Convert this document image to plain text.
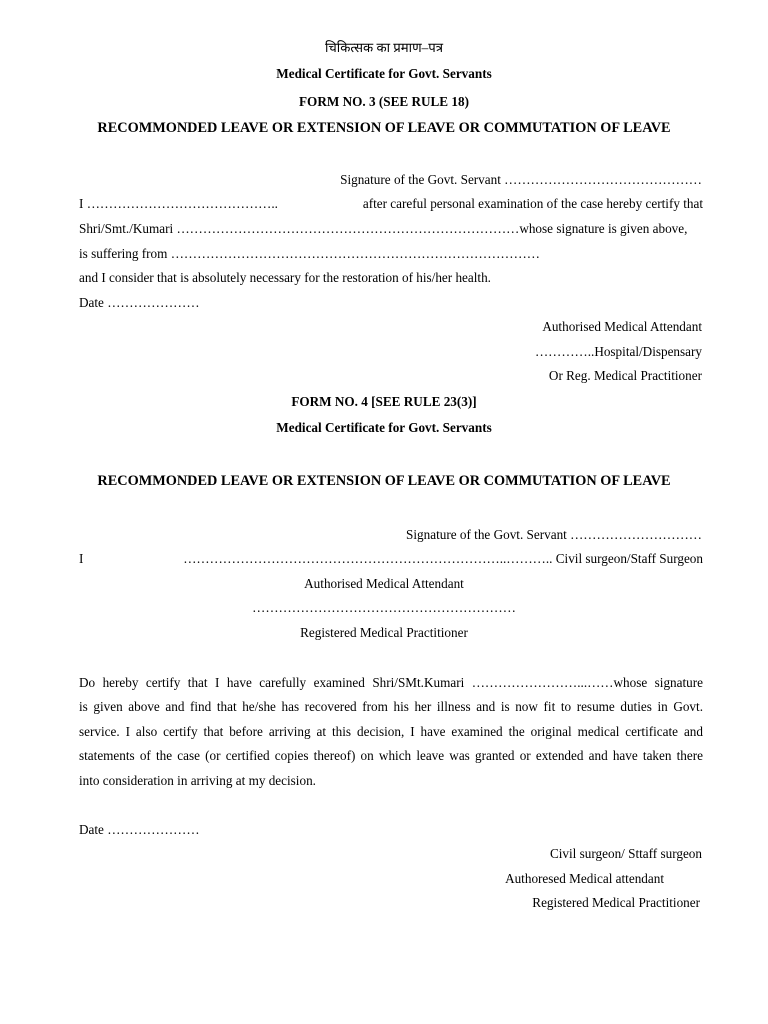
चिकित्सक का प्रमाण–पत्र
Medical Certificate for Govt. Servants
FORM NO. 3 (SEE RULE 18)
RECOMMONDED LEAVE OR EXTENSION OF LEAVE OR COMMUTATION OF LEAVE
Signature of the Govt. Servant ………………………………………
I ……………………………………..	after careful personal examination of the case hereby certify that
Shri/Smt./Kumari ……………………………………………………………………whose signature is given above,
is suffering from …………………………………………………………………………
and I consider that is absolutely necessary for the restoration of his/her health.
Date …………………
Authorised Medical Attendant
…………..Hospital/Dispensary
Or Reg. Medical Practitioner
FORM NO. 4 [SEE RULE 23(3)]
Medical Certificate for Govt. Servants
RECOMMONDED LEAVE OR EXTENSION OF LEAVE OR COMMUTATION OF LEAVE
Signature of the Govt. Servant …………………………
I	………………………………………………………………..……….. Civil surgeon/Staff Surgeon
Authorised Medical Attendant
……………………………………………………
Registered Medical Practitioner
Do hereby certify that I have carefully examined Shri/SMt.Kumari ……………………...……whose signature
is given above and find that he/she has recovered from his her illness and is now fit to resume duties in Govt.
service. I also certify that before arriving at this decision, I have examined the original medical certificate and
statements of the case (or certified copies thereof) on which leave was granted or extended and have taken there
into consideration in arriving at my decision.
Date …………………
Civil surgeon/ Sttaff surgeon
Authoresed Medical attendant
Registered Medical Practitioner
